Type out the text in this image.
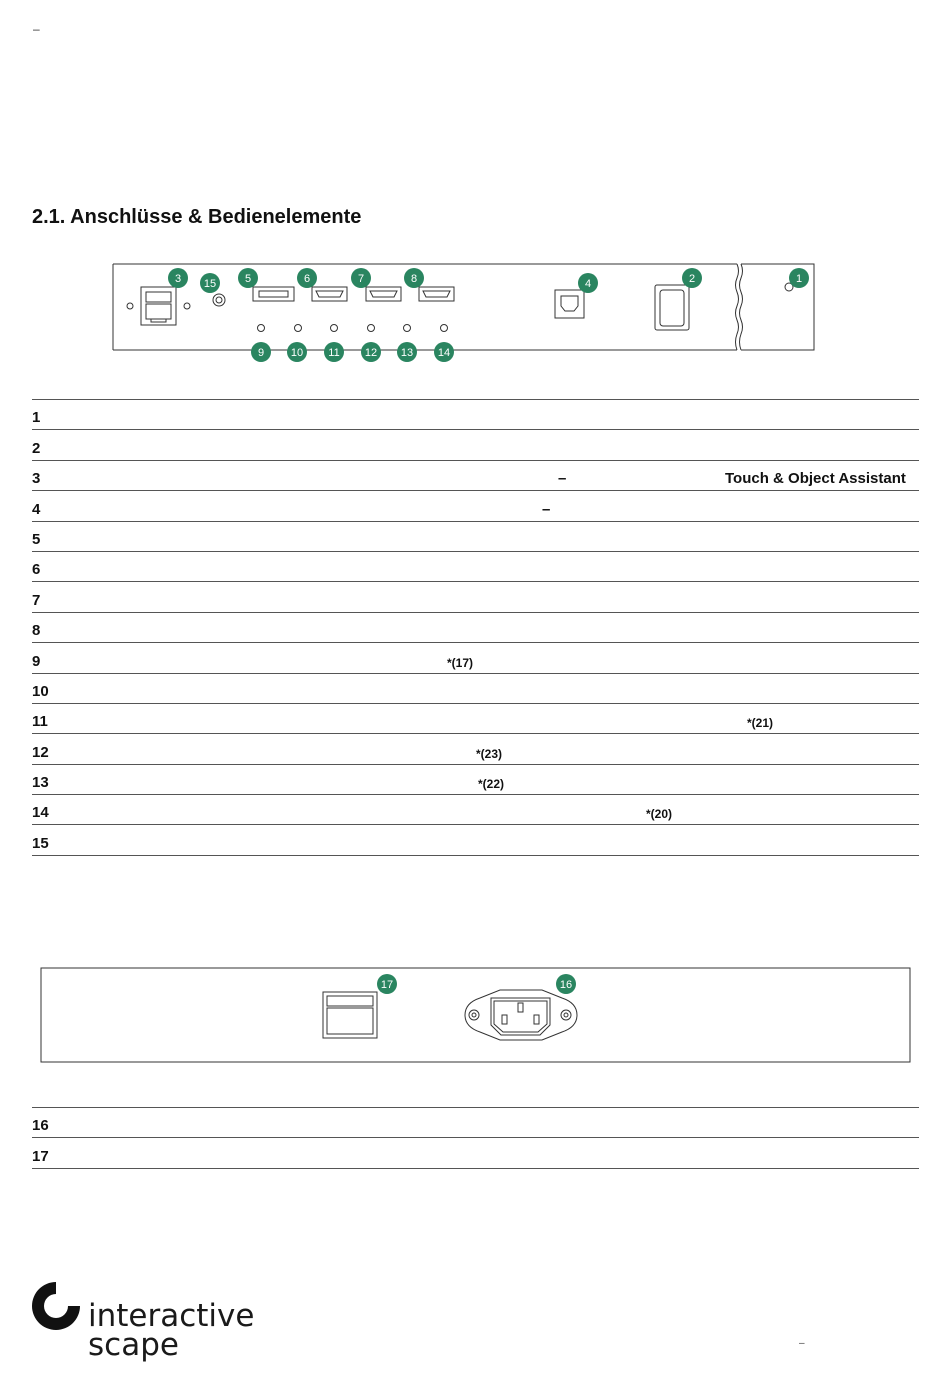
–
2.1. Anschlüsse & Bedienelemente
1
2
3	4
5	6	7	8
9 10 11 12 13 14
15
1	
2	
3	– Touch & Object Assistant

4	–

5	
6	
7	
8	
9	*(17)

10	
11	*(21)

12	*(23)

13	*(22)

14	*(20)

15	
17	16
16	
17	
interactive
scape	–
